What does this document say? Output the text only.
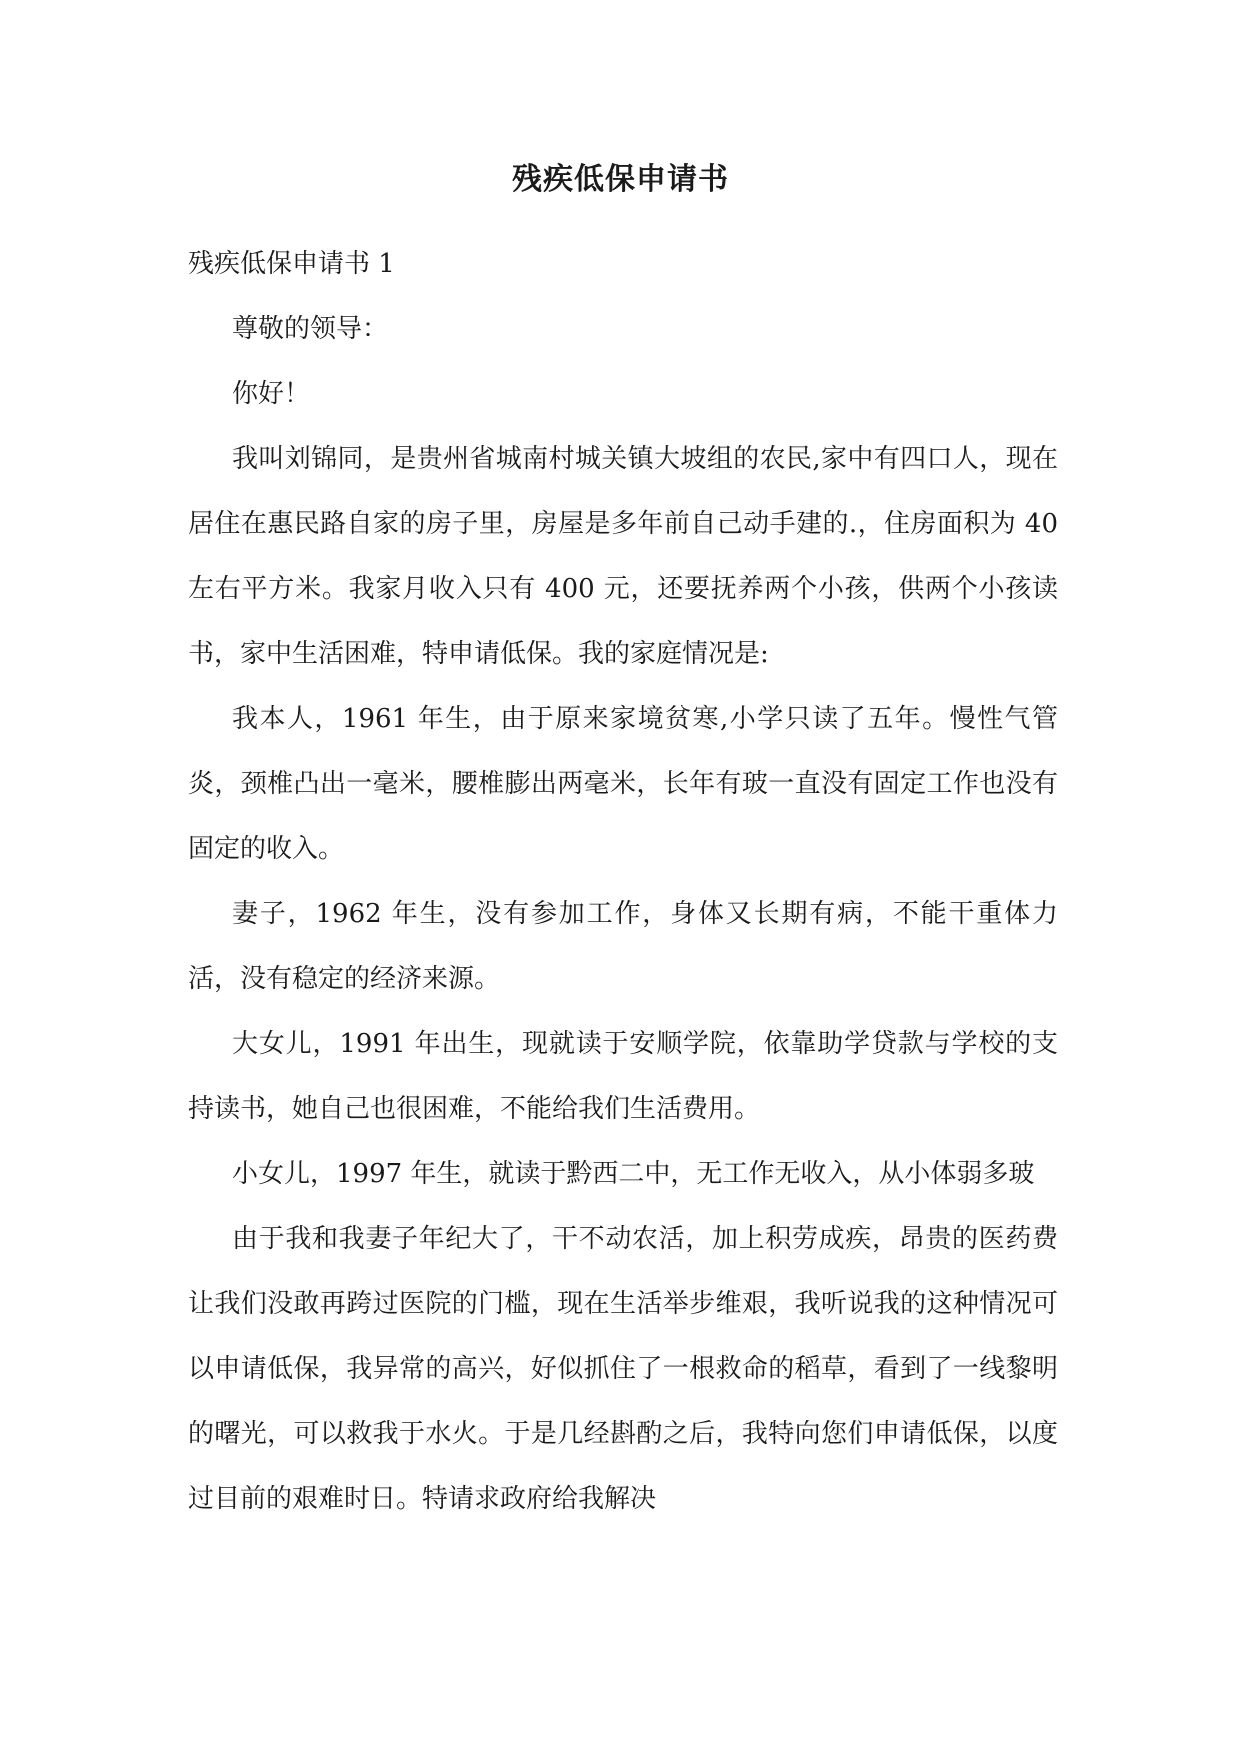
残疾低保申请书

残疾低保申请书 1

尊敬的领导：

你好！

我叫刘锦同，是贵州省城南村城关镇大坡组的农民,家中有四口人，现在居住在惠民路自家的房子里，房屋是多年前自己动手建的.，住房面积为 40 左右平方米。我家月收入只有 400 元，还要抚养两个小孩，供两个小孩读书，家中生活困难，特申请低保。我的家庭情况是:

我本人，1961 年生，由于原来家境贫寒,小学只读了五年。慢性气管炎，颈椎凸出一毫米，腰椎膨出两毫米，长年有玻一直没有固定工作也没有固定的收入。

妻子，1962 年生，没有参加工作，身体又长期有病，不能干重体力活，没有稳定的经济来源。

大女儿，1991 年出生，现就读于安顺学院，依靠助学贷款与学校的支持读书，她自己也很困难，不能给我们生活费用。

小女儿，1997 年生，就读于黔西二中，无工作无收入，从小体弱多玻

由于我和我妻子年纪大了，干不动农活，加上积劳成疾，昂贵的医药费让我们没敢再跨过医院的门槛，现在生活举步维艰，我听说我的这种情况可以申请低保，我异常的高兴，好似抓住了一根救命的稻草，看到了一线黎明的曙光，可以救我于水火。于是几经斟酌之后，我特向您们申请低保，以度过目前的艰难时日。特请求政府给我解决
